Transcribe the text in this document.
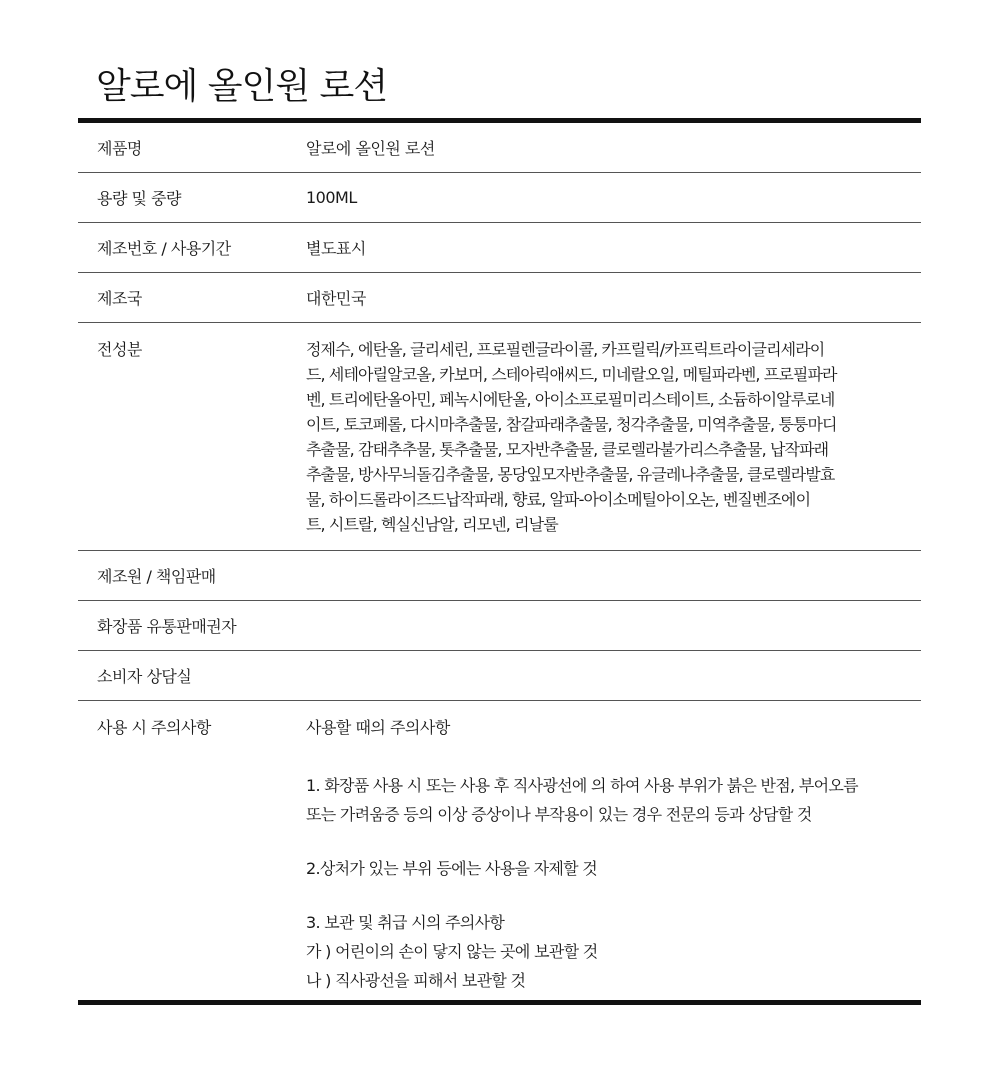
알로에 올인원 로션
제품명	알로에 올인원 로션
용량 및 중량	100ML
제조번호 / 사용기간	별도표시
제조국	대한민국
전성분	정제수, 에탄올, 글리세린, 프로필렌글라이콜, 카프릴릭/카프릭트라이글리세라이
드, 세테아릴알코올, 카보머, 스테아릭애씨드, 미네랄오일, 메틸파라벤, 프로필파라
벤, 트리에탄올아민, 페녹시에탄올, 아이소프로필미리스테이트, 소듐하이알루로네
이트, 토코페롤, 다시마추출물, 참갈파래추출물, 청각추출물, 미역추출물, 퉁퉁마디
추출물, 감태추추물, 톳추출물, 모자반추출물, 클로렐라불가리스추출물, 납작파래
추출물, 방사무늬돌김추출물, 몽당잎모자반추출물, 유글레나추출물, 클로렐라발효
물, 하이드롤라이즈드납작파래, 향료, 알파-아이소메틸아이오논, 벤질벤조에이
트, 시트랄, 헥실신남알, 리모넨, 리날룰
제조원 / 책임판매
화장품 유통판매권자
소비자 상담실
사용 시 주의사항	사용할 때의 주의사항
1. 화장품 사용 시 또는 사용 후 직사광선에 의 하여 사용 부위가 붉은 반점, 부어오름
또는 가려움증 등의 이상 증상이나 부작용이 있는 경우 전문의 등과 상담할 것
2.상처가 있는 부위 등에는 사용을 자제할 것
3. 보관 및 취급 시의 주의사항
가 ) 어린이의 손이 닿지 않는 곳에 보관할 것
나 ) 직사광선을 피해서 보관할 것
